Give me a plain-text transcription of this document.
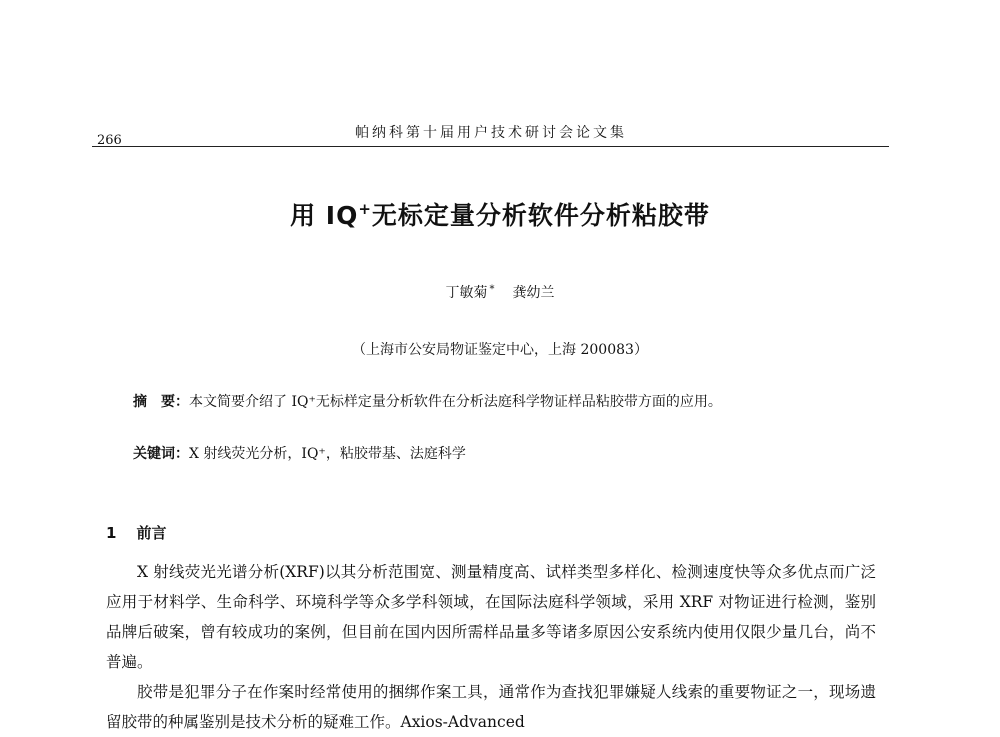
266	帕纳科第十届用户技术研讨会论文集
用 IQ+无标定量分析软件分析粘胶带
丁敏菊 * 龚幼兰
（上海市公安局物证鉴定中心，上海 200083）
摘　要：本文简要介绍了 IQ⁺无标样定量分析软件在分析法庭科学物证样品粘胶带方面的应用。
关键词：X 射线荧光分析，IQ⁺，粘胶带基、法庭科学
1 前言

X 射线荧光光谱分析(XRF)以其分析范围宽、测量精度高、试样类型多样化、检测速度快等众多优点而广泛应用于材料学、生命科学、环境科学等众多学科领域，在国际法庭科学领域，采用 XRF 对物证进行检测，鉴别品牌后破案，曾有较成功的案例，但目前在国内因所需样品量多等诸多原因公安系统内使用仅限少量几台，尚不普遍。

胶带是犯罪分子在作案时经常使用的捆绑作案工具，通常作为查找犯罪嫌疑人线索的重要物证之一，现场遗留胶带的种属鉴别是技术分析的疑难工作。Axios-Advanced
